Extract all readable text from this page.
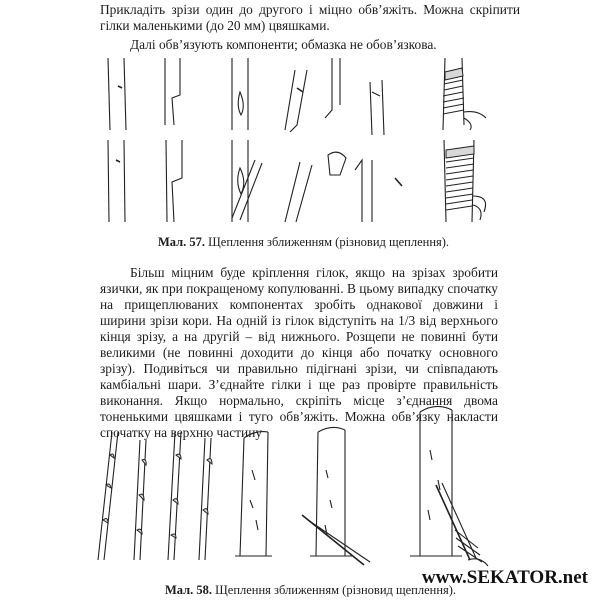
Прикладіть зрізи один до другого і міцно обв’яжіть. Можна скріпити гілки маленькими (до 20 мм) цвяшками.

Далі обв’язують компоненти; обмазка не обов’язкова.

Мал. 57. Щеплення зближенням (різновид щеплення).

Більш міцним буде кріплення гілок, якщо на зрізах зробити язички, як при покращеному копулюванні. В цьому випадку спочатку на прищеплюваних компонентах зробіть однакової довжини і ширини зрізи кори. На одній із гілок відступіть на 1/3 від верхнього кінця зрізу, а на другій – від нижнього. Розщепи не повинні бути великими (не повинні доходити до кінця або початку основного зрізу). Подивіться чи правильно підігнані зрізи, чи співпадають камбіальні шари. З’єднайте гілки і ще раз провірте правильність виконання. Якщо нормально, скріпіть місце з’єднання двома тоненькими цвяшками і туго обв’яжіть. Можна обв’язку накласти спочатку на верхню частину

Мал. 58. Щеплення зближенням (різновид щеплення).
www.SEKATOR.net
